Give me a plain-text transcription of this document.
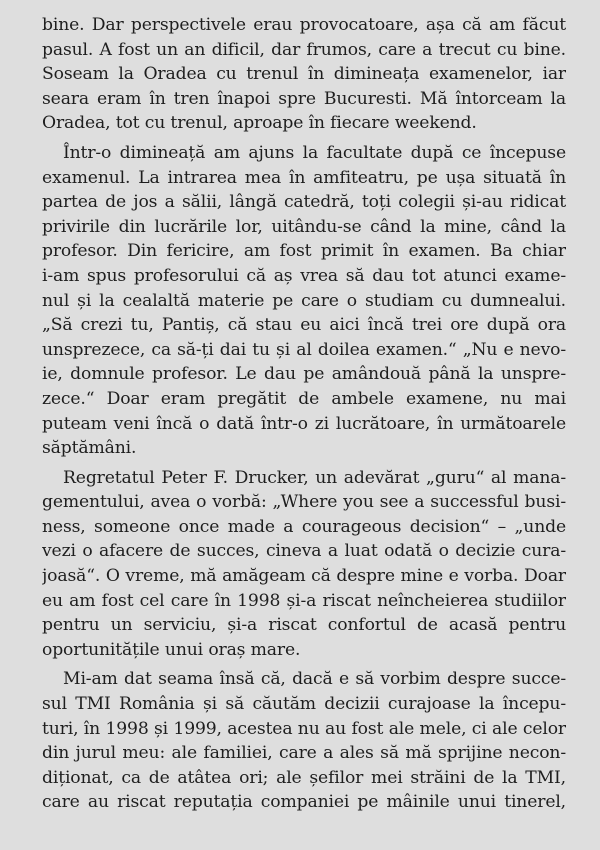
bine. Dar perspectivele erau provocatoare, așa că am făcut
pasul. A fost un an dificil, dar frumos, care a trecut cu bine.
Soseam la Oradea cu trenul în dimineața examenelor, iar
seara eram în tren înapoi spre Bucuresti. Mă întorceam la
Oradea, tot cu trenul, aproape în fiecare weekend.
Într-o dimineață am ajuns la facultate după ce începuse
examenul. La intrarea mea în amfiteatru, pe ușa situată în
partea de jos a sălii, lângă catedră, toți colegii și-au ridicat
privirile din lucrările lor, uitându-se când la mine, când la
profesor. Din fericire, am fost primit în examen. Ba chiar
i-am spus profesorului că aș vrea să dau tot atunci exame-
nul și la cealaltă materie pe care o studiam cu dumnealui.
„Să crezi tu, Pantiș, că stau eu aici încă trei ore după ora
unsprezece, ca să-ți dai tu și al doilea examen.“ „Nu e nevo-
ie, domnule profesor. Le dau pe amândouă până la unspre-
zece.“ Doar eram pregătit de ambele examene, nu mai
puteam veni încă o dată într-o zi lucrătoare, în următoarele
săptămâni.
Regretatul Peter F. Drucker, un adevărat „guru“ al mana-
gementului, avea o vorbă: „Where you see a successful busi-
ness, someone once made a courageous decision“ – „unde
vezi o afacere de succes, cineva a luat odată o decizie cura-
joasă“. O vreme, mă amăgeam că despre mine e vorba. Doar
eu am fost cel care în 1998 și-a riscat neîncheierea studiilor
pentru un serviciu, și-a riscat confortul de acasă pentru
oportunitățile unui oraș mare.
Mi-am dat seama însă că, dacă e să vorbim despre succe-
sul TMI România și să căutăm decizii curajoase la începu-
turi, în 1998 și 1999, acestea nu au fost ale mele, ci ale celor
din jurul meu: ale familiei, care a ales să mă sprijine necon-
diționat, ca de atâtea ori; ale șefilor mei străini de la TMI,
care au riscat reputația companiei pe mâinile unui tinerel,
